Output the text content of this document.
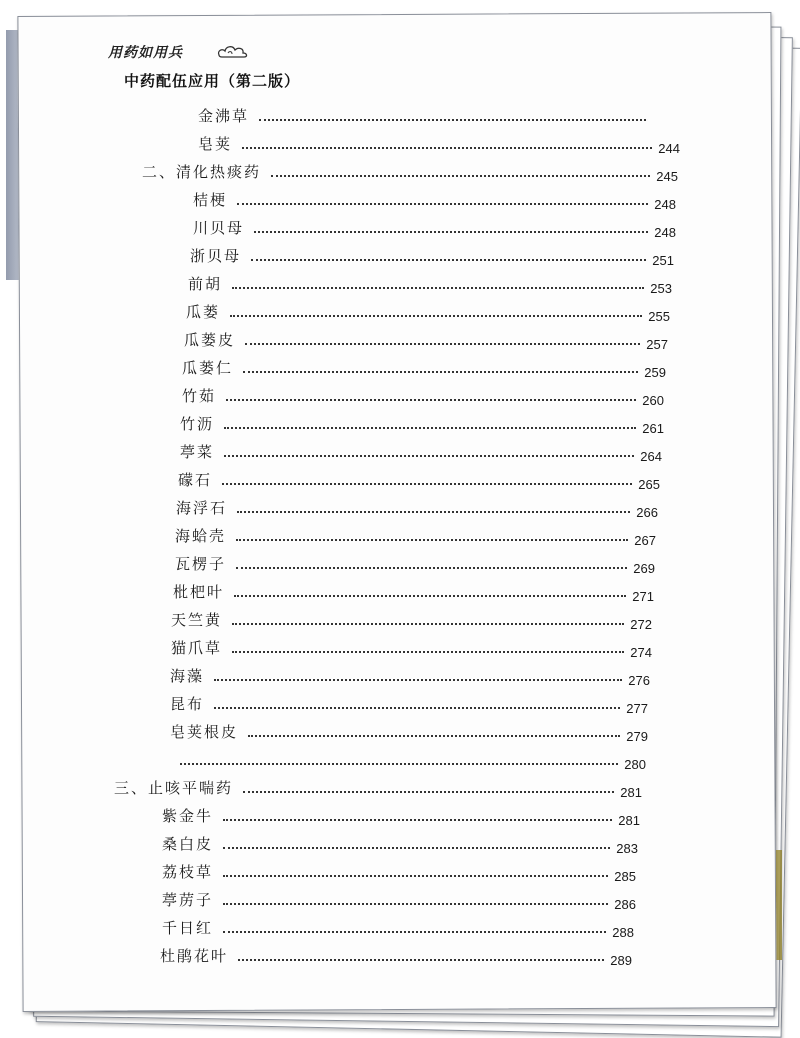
用药如用兵
中药配伍应用（第二版）
金沸草
皂荚	244
二、清化热痰药	245
桔梗	248
川贝母	248
浙贝母	251
前胡	253
瓜蒌	255
瓜蒌皮	257
瓜蒌仁	259
竹茹	260
竹沥	261
葶菜	264
礞石	265
海浮石	266
海蛤壳	267
瓦楞子	269
枇杷叶	271
天竺黄	272
猫爪草	274
海藻	276
昆布	277
皂荚根皮	279
280
三、止咳平喘药	281
紫金牛	281
桑白皮	283
荔枝草	285
葶苈子	286
千日红	288
杜鹃花叶	289
